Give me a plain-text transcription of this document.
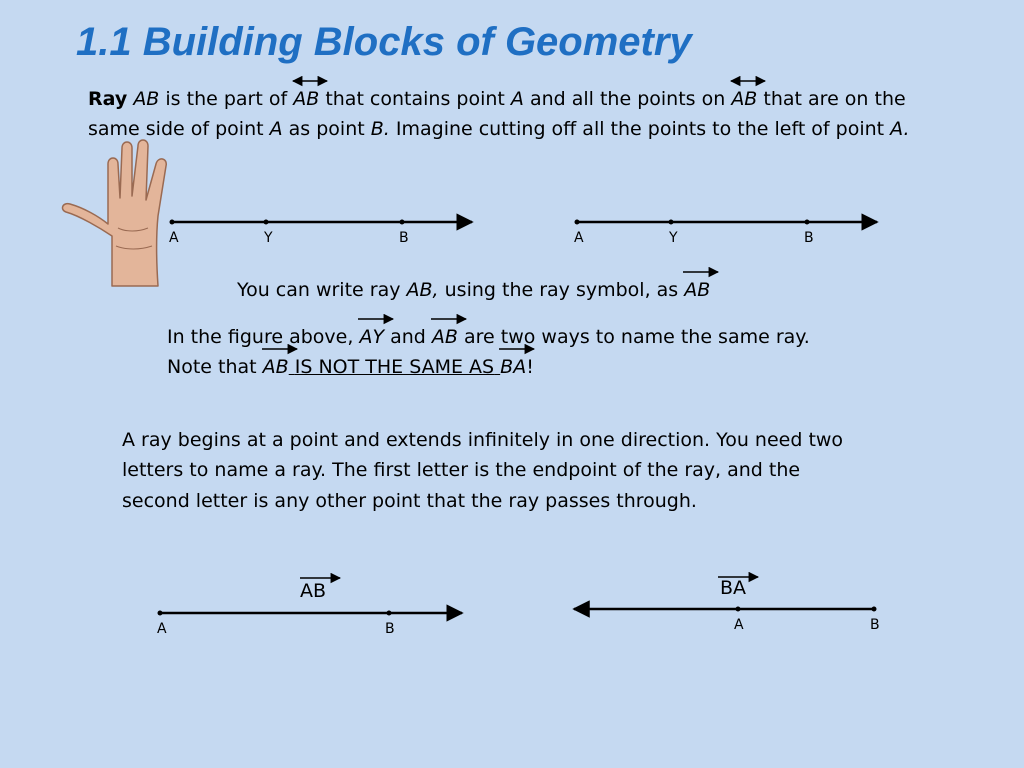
1.1 Building Blocks of Geometry

Ray AB is the part of AB that contains point A and all the points on AB that are on the

same side of point A as point B. Imagine cutting off all the points to the left of point A.

A	Y	B	A	Y	B

You can write ray AB, using the ray symbol, as AB

In the figure above, AY and AB are two ways to name the same ray.

Note that AB IS NOT THE SAME AS BA!

A ray begins at a point and extends infinitely in one direction. You need two

letters to name a ray. The first letter is the endpoint of the ray, and the

second letter is any other point that the ray passes through.

AB
A	B
BA
A	B
